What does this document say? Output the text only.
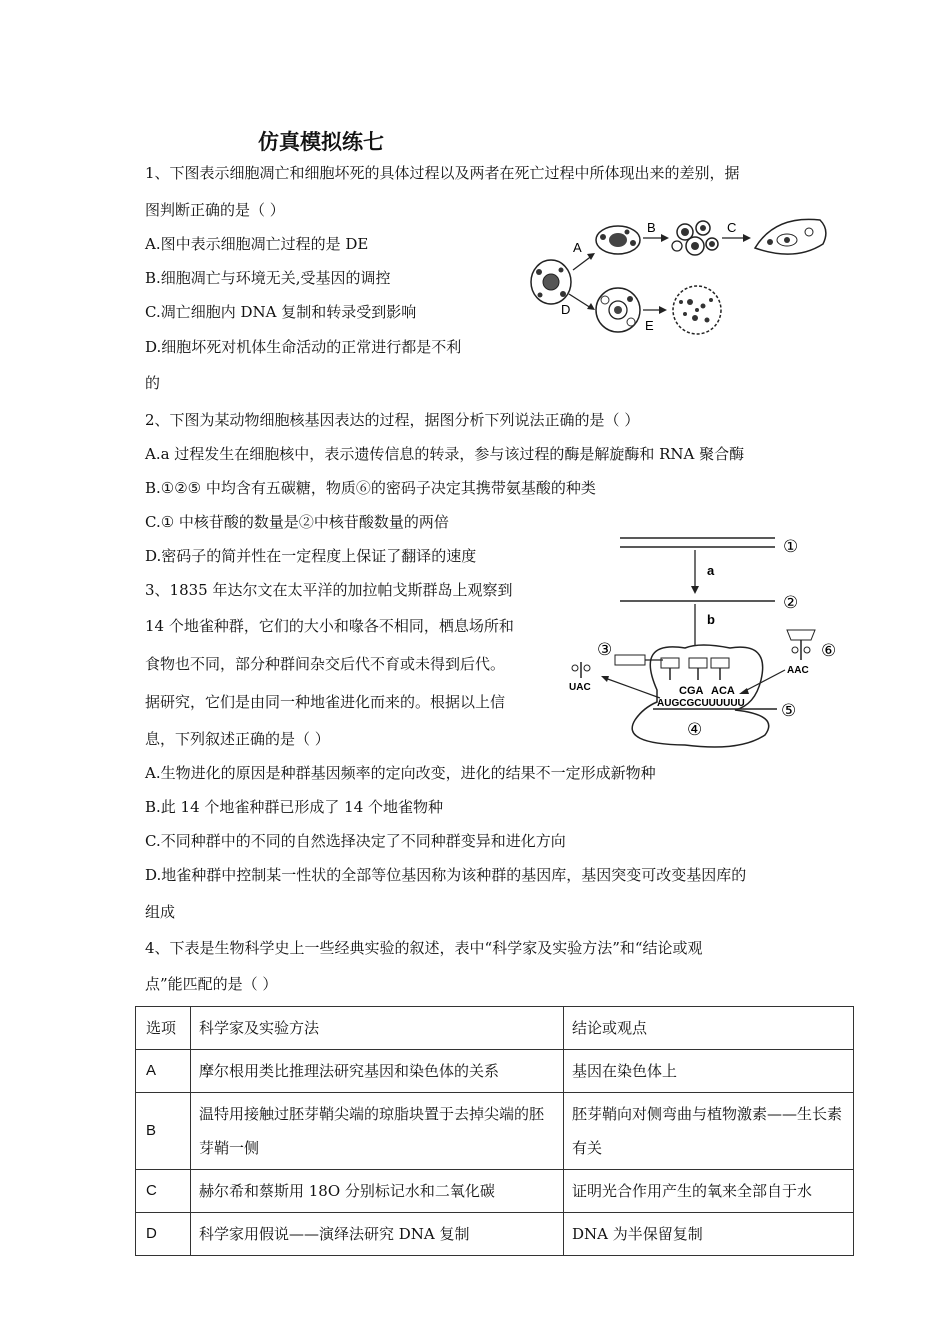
仿真模拟练七
1、下图表示细胞凋亡和细胞坏死的具体过程以及两者在死亡过程中所体现出来的差别，据
图判断正确的是（ ）
A.图中表示细胞凋亡过程的是 DE
B.细胞凋亡与环境无关,受基因的调控
C.凋亡细胞内 DNA 复制和转录受到影响
D.细胞坏死对机体生命活动的正常进行都是不利
的
A
B	C
D
E
2、下图为某动物细胞核基因表达的过程，据图分析下列说法正确的是（ ）
A.a 过程发生在细胞核中，表示遗传信息的转录，参与该过程的酶是解旋酶和 RNA 聚合酶
B.①②⑤ 中均含有五碳糖，物质⑥的密码子决定其携带氨基酸的种类
C.① 中核苷酸的数量是②中核苷酸数量的两倍
D.密码子的简并性在一定程度上保证了翻译的速度	①
a
②
b
④
CGA ACA
AUGCGCUUUUUU ⑤
③
UAC
AAC
⑥
3、1835 年达尔文在太平洋的加拉帕戈斯群岛上观察到
14 个地雀种群，它们的大小和喙各不相同，栖息场所和
食物也不同，部分种群间杂交后代不育或未得到后代。
据研究，它们是由同一种地雀进化而来的。根据以上信
息，下列叙述正确的是（ ）
A.生物进化的原因是种群基因频率的定向改变，进化的结果不一定形成新物种
B.此 14 个地雀种群已形成了 14 个地雀物种
C.不同种群中的不同的自然选择决定了不同种群变异和进化方向
D.地雀种群中控制某一性状的全部等位基因称为该种群的基因库，基因突变可改变基因库的
组成
4、下表是生物科学史上一些经典实验的叙述，表中“科学家及实验方法”和“结论或观
点”能匹配的是（ ）
选项	科学家及实验方法	结论或观点
A	摩尔根用类比推理法研究基因和染色体的关系	基因在染色体上
B	温特用接触过胚芽鞘尖端的琼脂块置于去掉尖端的胚芽鞘一侧	胚芽鞘向对侧弯曲与植物激素——生长素有关
C	赫尔希和蔡斯用 18O 分别标记水和二氧化碳	证明光合作用产生的氧来全部自于水
D	科学家用假说——演绎法研究 DNA 复制	DNA 为半保留复制
